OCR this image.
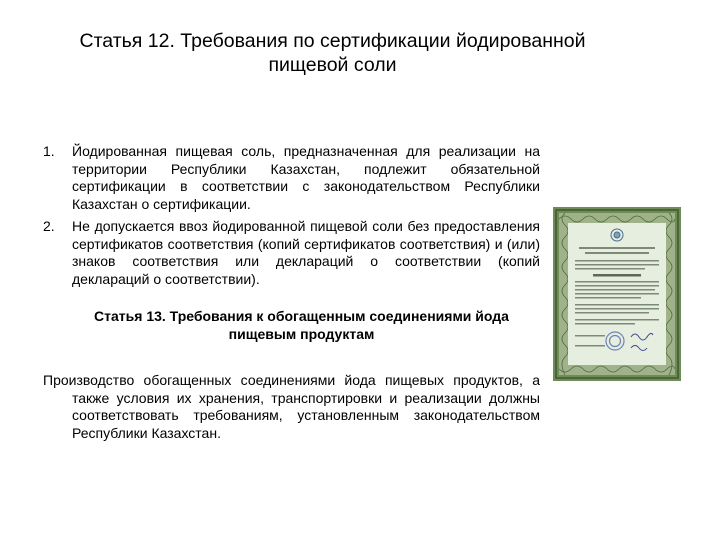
Статья 12. Требования по сертификации йодированной пищевой соли
1. Йодированная пищевая соль, предназначенная для реализации на территории Республики Казахстан, подлежит обязательной сертификации в соответствии с законодательством Республики Казахстан о сертификации.
2. Не допускается ввоз йодированной пищевой соли без предоставления сертификатов соответствия (копий сертификатов соответствия) и (или) знаков соответствия или деклараций о соответствии (копий деклараций о соответствии).
Статья 13. Требования к обогащенным соединениями йода пищевым продуктам
Производство обогащенных соединениями йода пищевых продуктов, а также условия их хранения, транспортировки и реализации должны соответствовать требованиям, установленным законодательством Республики Казахстан.
